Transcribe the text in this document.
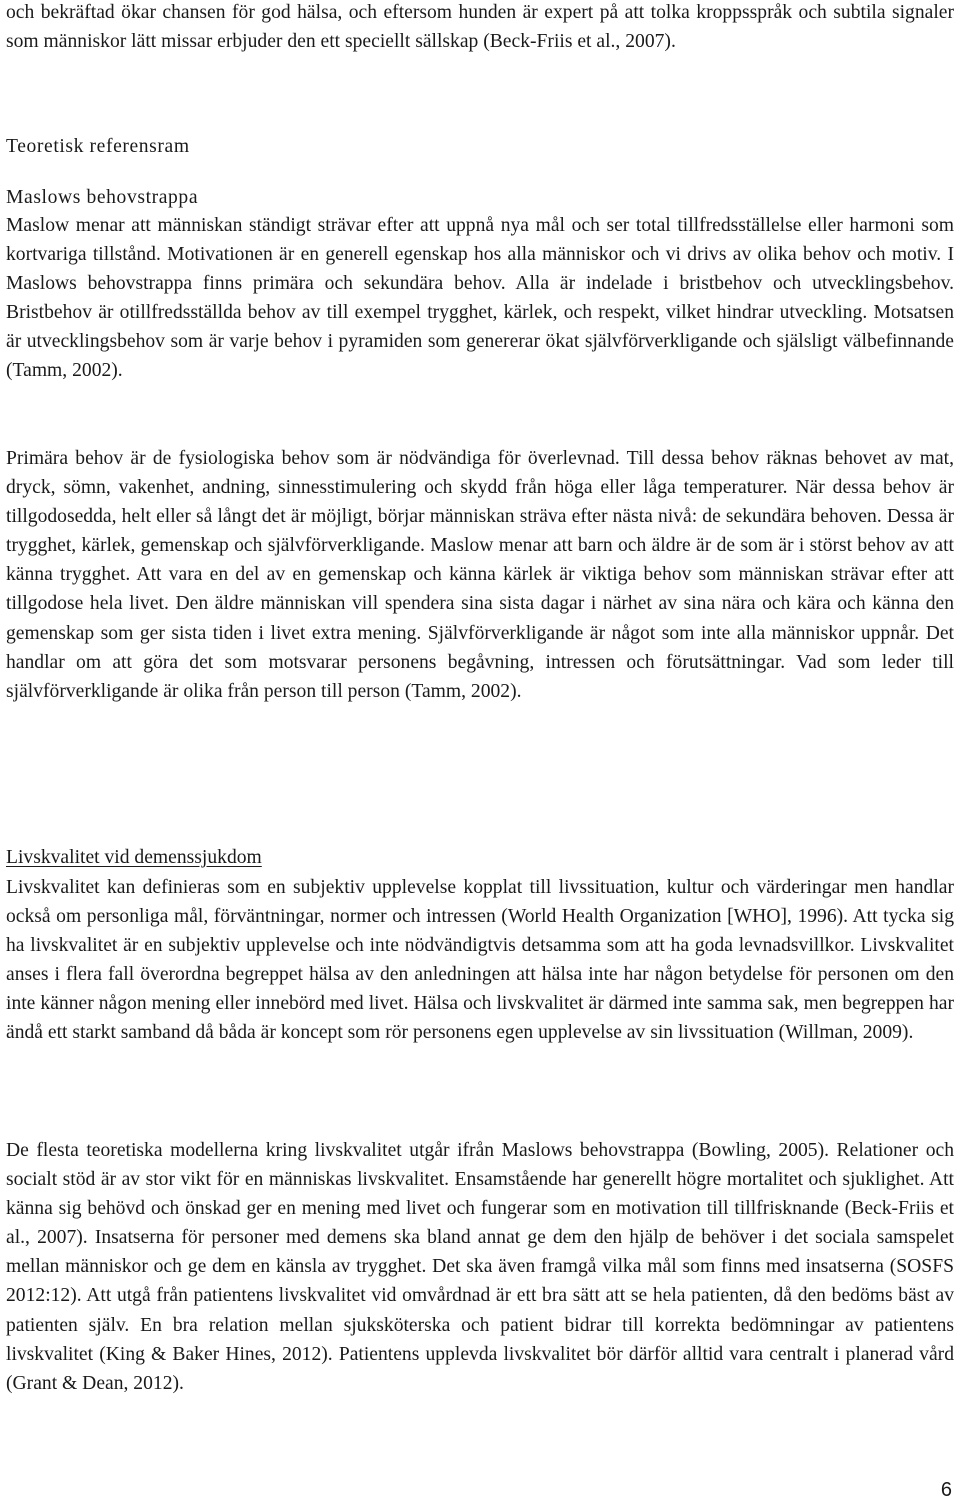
och bekräftad ökar chansen för god hälsa, och eftersom hunden är expert på att tolka kroppsspråk och subtila signaler som människor lätt missar erbjuder den ett speciellt sällskap (Beck-Friis et al., 2007).

Teoretisk referensram
Maslows behovstrappa

Maslow menar att människan ständigt strävar efter att uppnå nya mål och ser total tillfredsställelse eller harmoni som kortvariga tillstånd. Motivationen är en generell egenskap hos alla människor och vi drivs av olika behov och motiv. I Maslows behovstrappa finns primära och sekundära behov. Alla är indelade i bristbehov och utvecklingsbehov. Bristbehov är otillfredsställda behov av till exempel trygghet, kärlek, och respekt, vilket hindrar utveckling. Motsatsen är utvecklingsbehov som är varje behov i pyramiden som genererar ökat självförverkligande och själsligt välbefinnande (Tamm, 2002).

Primära behov är de fysiologiska behov som är nödvändiga för överlevnad. Till dessa behov räknas behovet av mat, dryck, sömn, vakenhet, andning, sinnesstimulering och skydd från höga eller låga temperaturer. När dessa behov är tillgodosedda, helt eller så långt det är möjligt, börjar människan sträva efter nästa nivå: de sekundära behoven. Dessa är trygghet, kärlek, gemenskap och självförverkligande. Maslow menar att barn och äldre är de som är i störst behov av att känna trygghet. Att vara en del av en gemenskap och känna kärlek är viktiga behov som människan strävar efter att tillgodose hela livet. Den äldre människan vill spendera sina sista dagar i närhet av sina nära och kära och känna den gemenskap som ger sista tiden i livet extra mening. Självförverkligande är något som inte alla människor uppnår. Det handlar om att göra det som motsvarar personens begåvning, intressen och förutsättningar. Vad som leder till självförverkligande är olika från person till person (Tamm, 2002).

Livskvalitet vid demenssjukdom

Livskvalitet kan definieras som en subjektiv upplevelse kopplat till livssituation, kultur och värderingar men handlar också om personliga mål, förväntningar, normer och intressen (World Health Organization [WHO], 1996). Att tycka sig ha livskvalitet är en subjektiv upplevelse och inte nödvändigtvis detsamma som att ha goda levnadsvillkor. Livskvalitet anses i flera fall överordna begreppet hälsa av den anledningen att hälsa inte har någon betydelse för personen om den inte känner någon mening eller innebörd med livet. Hälsa och livskvalitet är därmed inte samma sak, men begreppen har ändå ett starkt samband då båda är koncept som rör personens egen upplevelse av sin livssituation (Willman, 2009).

De flesta teoretiska modellerna kring livskvalitet utgår ifrån Maslows behovstrappa (Bowling, 2005). Relationer och socialt stöd är av stor vikt för en människas livskvalitet. Ensamstående har generellt högre mortalitet och sjuklighet. Att känna sig behövd och önskad ger en mening med livet och fungerar som en motivation till tillfrisknande (Beck-Friis et al., 2007). Insatserna för personer med demens ska bland annat ge dem den hjälp de behöver i det sociala samspelet mellan människor och ge dem en känsla av trygghet. Det ska även framgå vilka mål som finns med insatserna (SOSFS 2012:12). Att utgå från patientens livskvalitet vid omvårdnad är ett bra sätt att se hela patienten, då den bedöms bäst av patienten själv. En bra relation mellan sjuksköterska och patient bidrar till korrekta bedömningar av patientens livskvalitet (King & Baker Hines, 2012). Patientens upplevda livskvalitet bör därför alltid vara centralt i planerad vård (Grant & Dean, 2012).

6
